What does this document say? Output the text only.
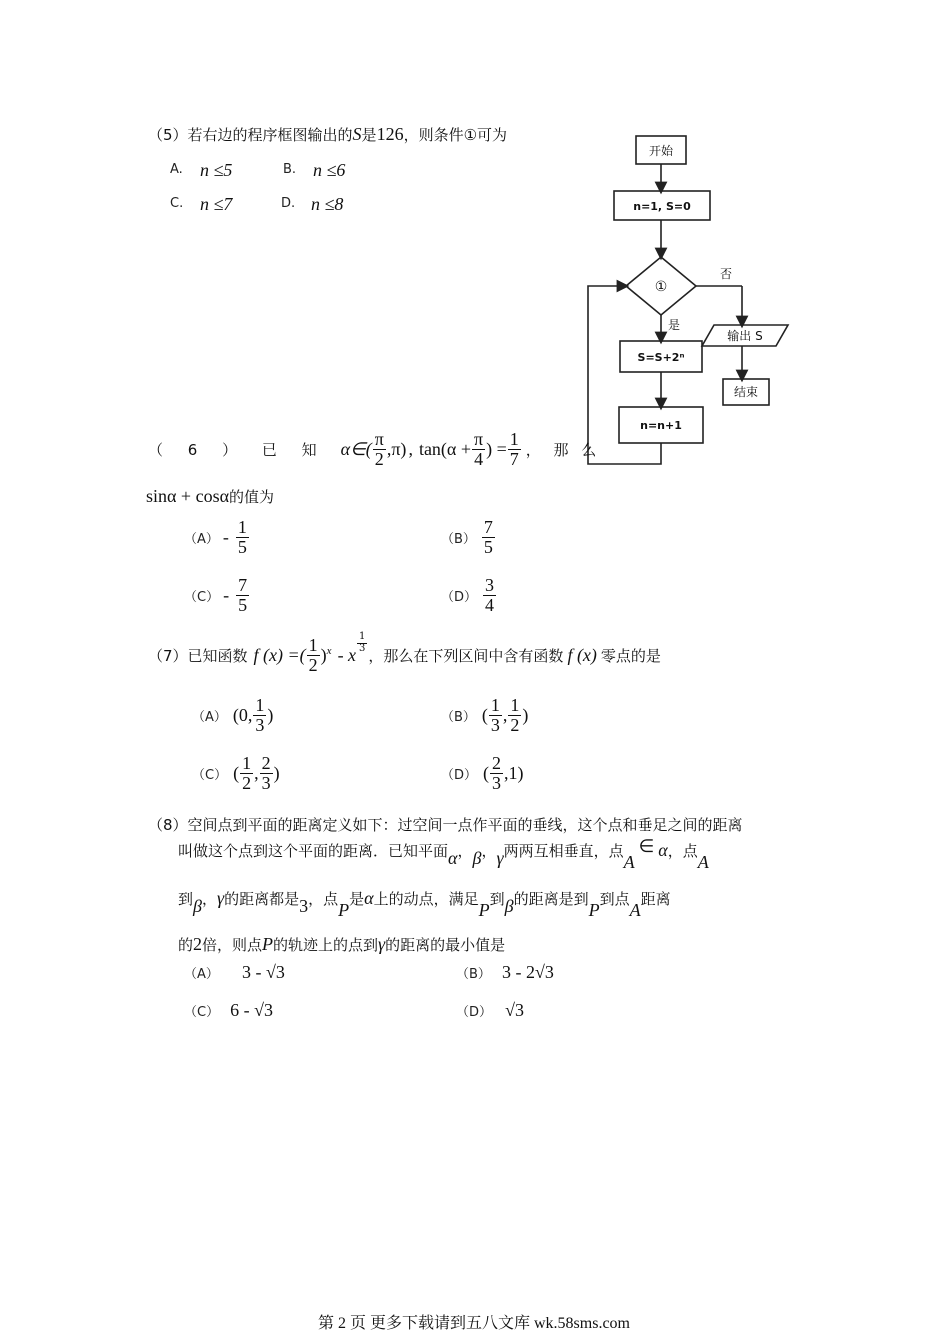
（5）若右边的程序框图输出的S是126，则条件①可为
A. n ≤5	B. n ≤6
C. n ≤7	D. n ≤8
开始
n=1, S=0
①
否
是
输出 S
S=S+2ⁿ
n=n+1
结束
（ 6 ） 已 知 α∈( $\frac{\pi}{2} ,\pi$) , $\tan(\alpha + \frac{\pi}{4}$ ) = $\frac{1}{7}$ ， 那 么
sinα + cosα的值为
$(A) - \frac{1}{5}$	$(B) \frac{7}{5}$
$(C) - \frac{7}{5}$	$(D) \frac{3}{4}$
（7）已知函数 f (x) =( $\frac{1}{2} )^x$ - x
$\frac{1}{3}$
，那么在下列区间中含有函数 f (x) 零点的是
（A） (0, $\frac{1}{3}$ )	（B） ( $\frac{1}{3}$ , $\frac{1}{2}$ )
（C） ( $\frac{1}{2}$ , $\frac{2}{3}$ )	（D） ( $\frac{2}{3} ,1$)
（8）空间点到平面的距离定义如下：过空间一点作平面的垂线，这个点和垂足之间的距离
叫做这个点到这个平面的距离．已知平面α，β，γ两两互相垂直，点A∈ α，点A
到β，γ的距离都是3，点P是α上的动点，满足P到β的距离是到P到点A距离
的2倍，则点P的轨迹上的点到γ的距离的最小值是
（A） 3 - √3	（B） 3 - 2√3
（C） 6 - √3	（D） √3
第 2 页 更多下载请到五八文库 wk.58sms.com
